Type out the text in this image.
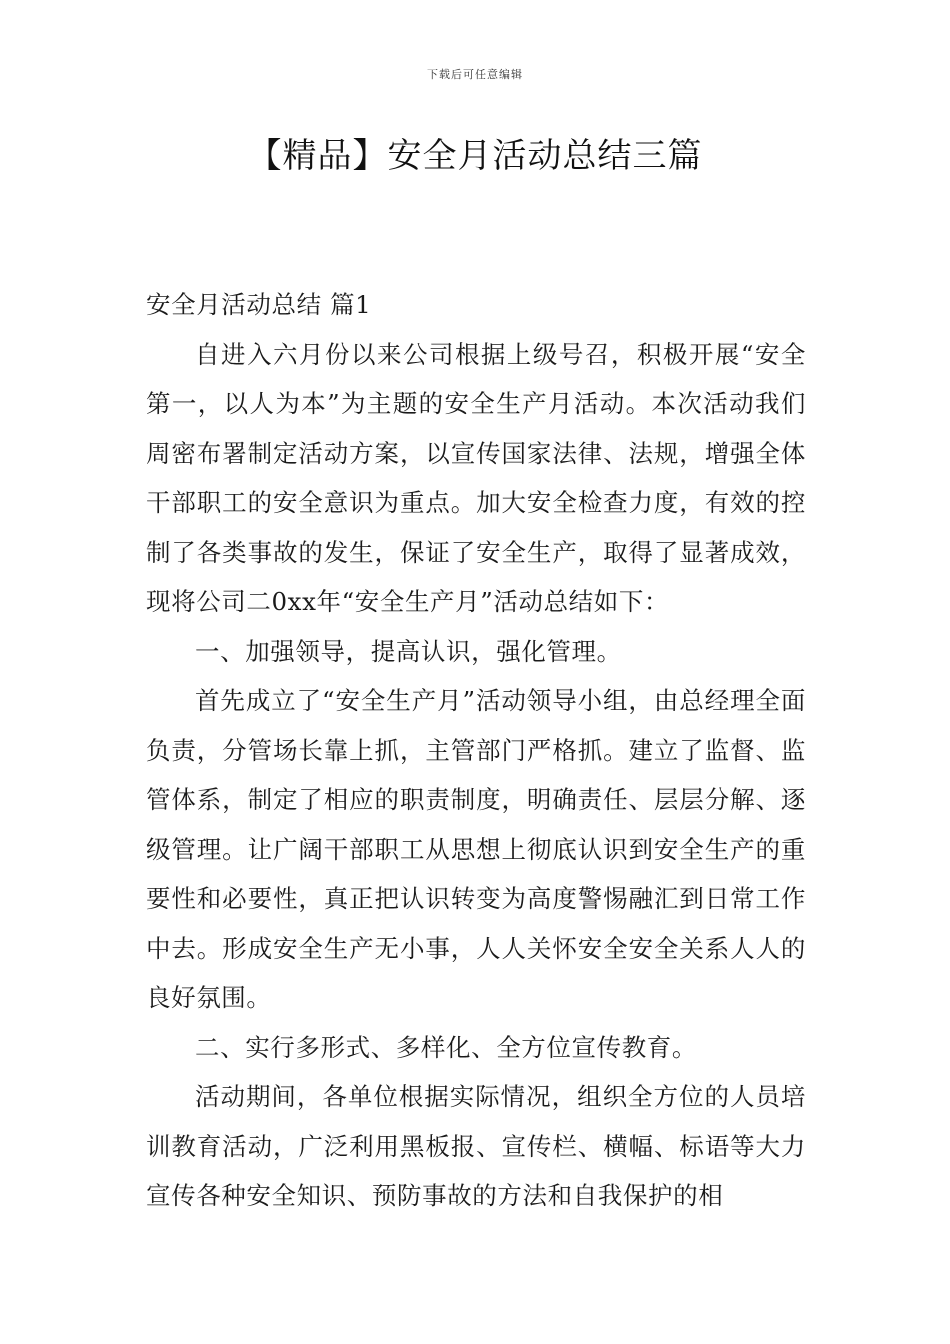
下载后可任意编辑
【精品】安全月活动总结三篇

安全月活动总结 篇1

自进入六月份以来公司根据上级号召，积极开展“安全第一，以人为本”为主题的安全生产月活动。本次活动我们周密布署制定活动方案，以宣传国家法律、法规，增强全体干部职工的安全意识为重点。加大安全检查力度，有效的控制了各类事故的发生，保证了安全生产，取得了显著成效，现将公司二0xx年“安全生产月”活动总结如下：

一、加强领导，提高认识，强化管理。

首先成立了“安全生产月”活动领导小组，由总经理全面负责，分管场长靠上抓，主管部门严格抓。建立了监督、监管体系，制定了相应的职责制度，明确责任、层层分解、逐级管理。让广阔干部职工从思想上彻底认识到安全生产的重要性和必要性，真正把认识转变为高度警惕融汇到日常工作中去。形成安全生产无小事，人人关怀安全安全关系人人的良好氛围。

二、实行多形式、多样化、全方位宣传教育。

活动期间，各单位根据实际情况，组织全方位的人员培训教育活动，广泛利用黑板报、宣传栏、横幅、标语等大力宣传各种安全知识、预防事故的方法和自我保护的相
